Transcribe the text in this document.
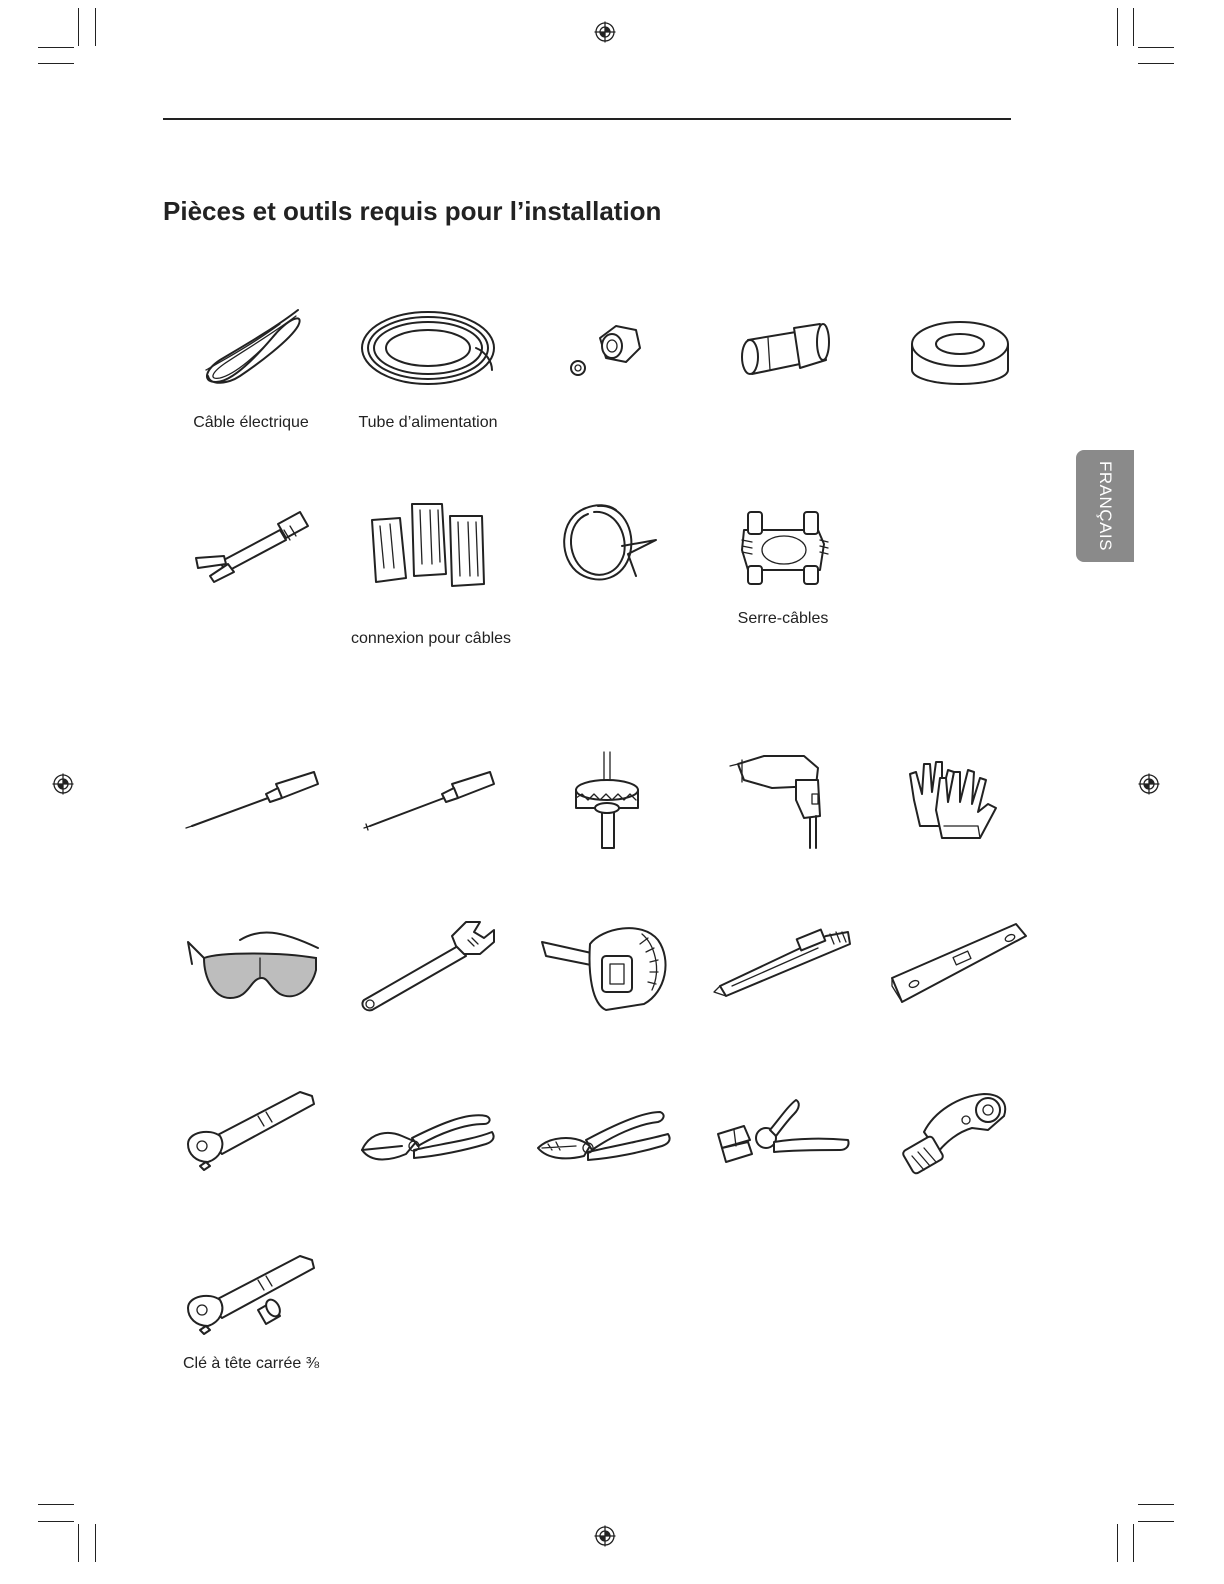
Pièces et outils requis pour l’installation
FRANÇAIS
Câble électrique	Tube d’alimentation
connexion pour câbles
Serre-câbles
Clé à tête carrée ⅜
